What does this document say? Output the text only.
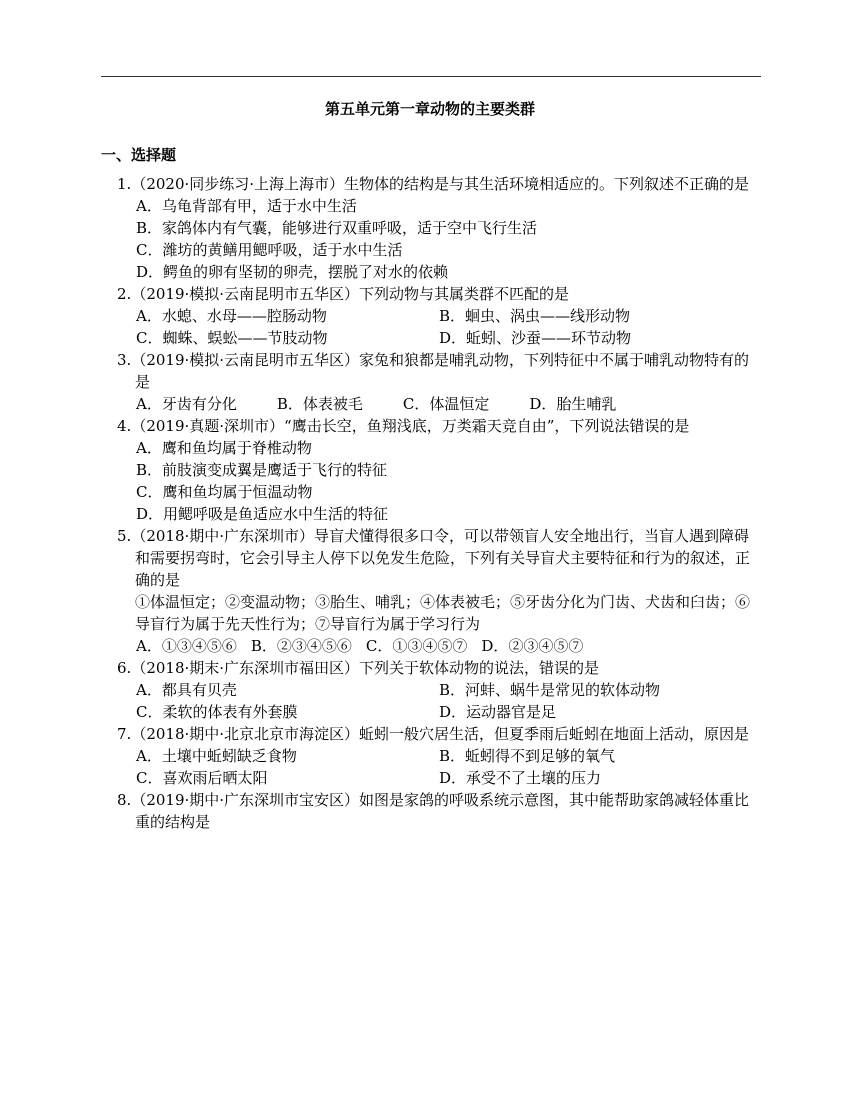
第五单元第一章动物的主要类群
一、选择题
1.（2020·同步练习·上海上海市）生物体的结构是与其生活环境相适应的。下列叙述不正确的是
A．乌龟背部有甲，适于水中生活
B．家鸽体内有气囊，能够进行双重呼吸，适于空中飞行生活
C．潍坊的黄鳝用鳃呼吸，适于水中生活
D．鳄鱼的卵有坚韧的卵壳，摆脱了对水的依赖
2.（2019·模拟·云南昆明市五华区）下列动物与其属类群不匹配的是
A．水螅、水母——腔肠动物	B．蛔虫、涡虫——线形动物
C．蜘蛛、蜈蚣——节肢动物	D．蚯蚓、沙蚕——环节动物
3.（2019·模拟·云南昆明市五华区）家兔和狼都是哺乳动物，下列特征中不属于哺乳动物特有的是
A．牙齿有分化	B．体表被毛	C．体温恒定	D．胎生哺乳
4.（2019·真题·深圳市）“鹰击长空，鱼翔浅底，万类霜天竞自由”，下列说法错误的是
A．鹰和鱼均属于脊椎动物
B．前肢演变成翼是鹰适于飞行的特征
C．鹰和鱼均属于恒温动物
D．用鳃呼吸是鱼适应水中生活的特征
5.（2018·期中·广东深圳市）导盲犬懂得很多口令，可以带领盲人安全地出行，当盲人遇到障碍和需要拐弯时，它会引导主人停下以免发生危险，下列有关导盲犬主要特征和行为的叙述，正确的是
①体温恒定；②变温动物；③胎生、哺乳；④体表被毛；⑤牙齿分化为门齿、犬齿和臼齿；⑥导盲行为属于先天性行为；⑦导盲行为属于学习行为
A．①③④⑤⑥ B．②③④⑤⑥ C．①③④⑤⑦ D．②③④⑤⑦
6.（2018·期末·广东深圳市福田区）下列关于软体动物的说法，错误的是
A．都具有贝壳	B．河蚌、蜗牛是常见的软体动物
C．柔软的体表有外套膜	D．运动器官是足
7.（2018·期中·北京北京市海淀区）蚯蚓一般穴居生活，但夏季雨后蚯蚓在地面上活动，原因是
A．土壤中蚯蚓缺乏食物	B．蚯蚓得不到足够的氧气
C．喜欢雨后晒太阳	D．承受不了土壤的压力
8.（2019·期中·广东深圳市宝安区）如图是家鸽的呼吸系统示意图，其中能帮助家鸽减轻体重比重的结构是
